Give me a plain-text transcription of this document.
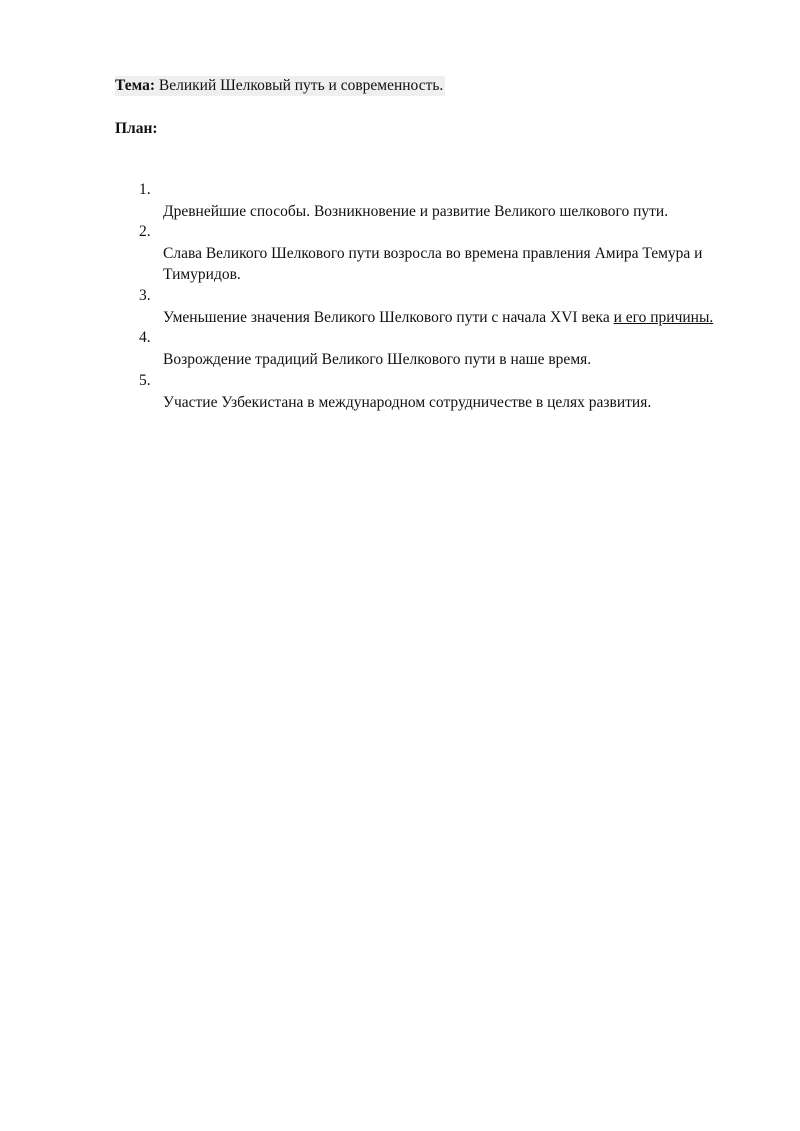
Тема: Великий Шелковый путь и современность.
План:
1.
Древнейшие способы. Возникновение и развитие Великого шелкового пути.
2.
Слава Великого Шелкового пути возросла во времена правления Амира Темура и Тимуридов.
3.
Уменьшение значения Великого Шелкового пути с начала XVI века и его причины.
4.
Возрождение традиций Великого Шелкового пути в наше время.
5.
Участие Узбекистана в международном сотрудничестве в целях развития.
